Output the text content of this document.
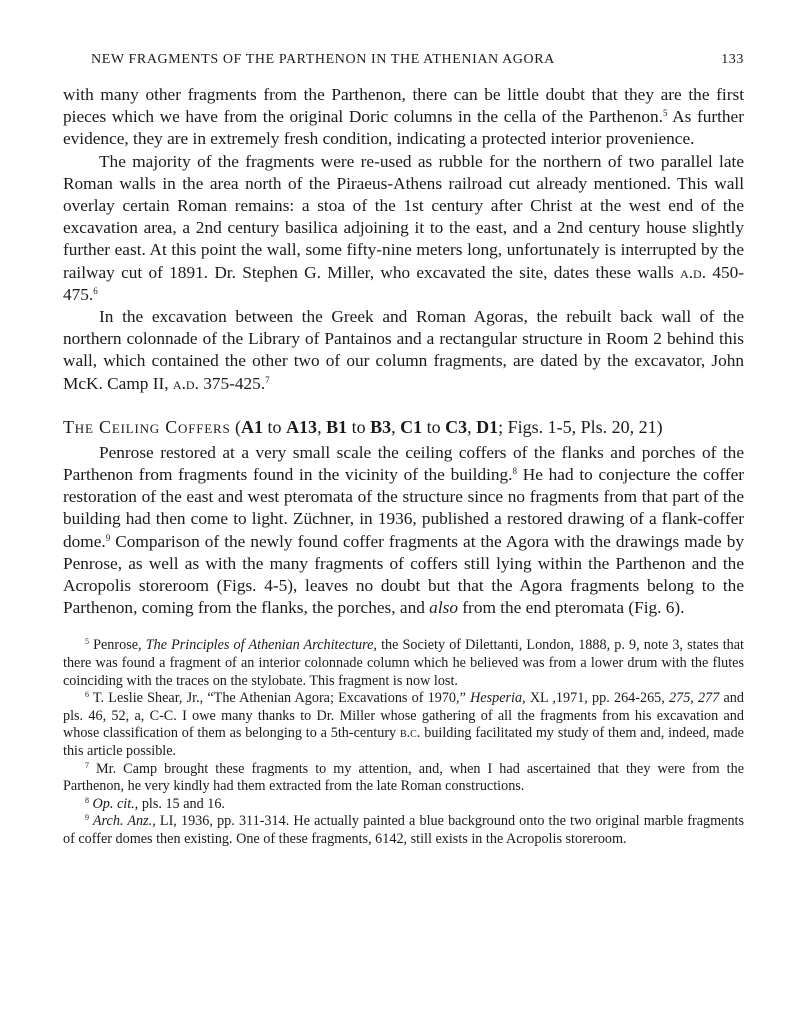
NEW FRAGMENTS OF THE PARTHENON IN THE ATHENIAN AGORA	133

with many other fragments from the Parthenon, there can be little doubt that they are the first pieces which we have from the original Doric columns in the cella of the Parthenon.$^5$ As further evidence, they are in extremely fresh condition, indicating a protected interior provenience.

The majority of the fragments were re-used as rubble for the northern of two parallel late Roman walls in the area north of the Piraeus-Athens railroad cut already mentioned. This wall overlay certain Roman remains: a stoa of the 1st century after Christ at the west end of the excavation area, a 2nd century basilica adjoining it to the east, and a 2nd century house slightly further east. At this point the wall, some fifty-nine meters long, unfortunately is interrupted by the railway cut of 1891. Dr. Stephen G. Miller, who excavated the site, dates these walls a.d. 450-475.$^6$

In the excavation between the Greek and Roman Agoras, the rebuilt back wall of the northern colonnade of the Library of Pantainos and a rectangular structure in Room 2 behind this wall, which contained the other two of our column fragments, are dated by the excavator, John McK. Camp II, a.d. 375-425.$^7$

The Ceiling Coffers (A1 to A13, B1 to B3, C1 to C3, D1; Figs. 1-5, Pls. 20, 21)

Penrose restored at a very small scale the ceiling coffers of the flanks and porches of the Parthenon from fragments found in the vicinity of the building.$^8$ He had to conjecture the coffer restoration of the east and west pteromata of the structure since no fragments from that part of the building had then come to light. Züchner, in 1936, published a restored drawing of a flank-coffer dome.$^9$ Comparison of the newly found coffer fragments at the Agora with the drawings made by Penrose, as well as with the many fragments of coffers still lying within the Parthenon and the Acropolis storeroom (Figs. 4-5), leaves no doubt but that the Agora fragments belong to the Parthenon, coming from the flanks, the porches, and also from the end pteromata (Fig. 6).

$^5$ Penrose, The Principles of Athenian Architecture, the Society of Dilettanti, London, 1888, p. 9, note 3, states that there was found a fragment of an interior colonnade column which he believed was from a lower drum with the flutes coinciding with the traces on the stylobate. This fragment is now lost.

$^6$ T. Leslie Shear, Jr., “The Athenian Agora; Excavations of 1970,” Hesperia, XL ,1971, pp. 264-265, 275, 277 and pls. 46, 52, a, C-C. I owe many thanks to Dr. Miller whose gathering of all the fragments from his excavation and whose classification of them as belonging to a 5th-century b.c. building facilitated my study of them and, indeed, made this article possible.

$^7$ Mr. Camp brought these fragments to my attention, and, when I had ascertained that they were from the Parthenon, he very kindly had them extracted from the late Roman constructions.

$^8$ Op. cit., pls. 15 and 16.

$^9$ Arch. Anz., LI, 1936, pp. 311-314. He actually painted a blue background onto the two original marble fragments of coffer domes then existing. One of these fragments, 6142, still exists in the Acropolis storeroom.
